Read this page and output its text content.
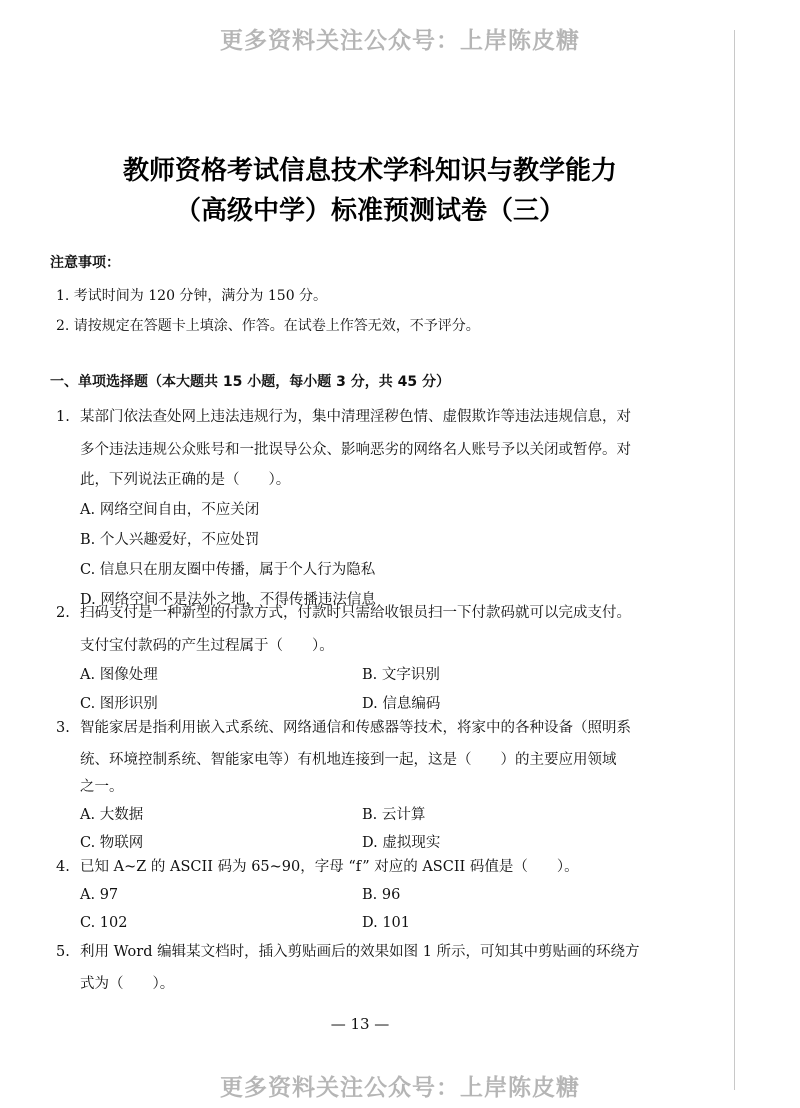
更多资料关注公众号：上岸陈皮糖
教师资格考试信息技术学科知识与教学能力
（高级中学）标准预测试卷（三）
注意事项：
1. 考试时间为 120 分钟，满分为 150 分。
2. 请按规定在答题卡上填涂、作答。在试卷上作答无效，不予评分。
一、单项选择题（本大题共 15 小题，每小题 3 分，共 45 分）
1. 某部门依法查处网上违法违规行为，集中清理淫秽色情、虚假欺诈等违法违规信息，对
多个违法违规公众账号和一批误导公众、影响恶劣的网络名人账号予以关闭或暂停。对
此，下列说法正确的是（　　）。
A. 网络空间自由，不应关闭
B. 个人兴趣爱好，不应处罚
C. 信息只在朋友圈中传播，属于个人行为隐私
D. 网络空间不是法外之地，不得传播违法信息
2. 扫码支付是一种新型的付款方式，付款时只需给收银员扫一下付款码就可以完成支付。
支付宝付款码的产生过程属于（　　）。
A. 图像处理	B. 文字识别
C. 图形识别	D. 信息编码
3. 智能家居是指利用嵌入式系统、网络通信和传感器等技术，将家中的各种设备（照明系
统、环境控制系统、智能家电等）有机地连接到一起，这是（　　）的主要应用领域
之一。
A. 大数据	B. 云计算
C. 物联网	D. 虚拟现实
4. 已知 A~Z 的 ASCII 码为 65~90，字母 “f” 对应的 ASCII 码值是（　　）。
A. 97	B. 96
C. 102	D. 101
5. 利用 Word 编辑某文档时，插入剪贴画后的效果如图 1 所示，可知其中剪贴画的环绕方
式为（　　）。
— 13 —
更多资料关注公众号：上岸陈皮糖
